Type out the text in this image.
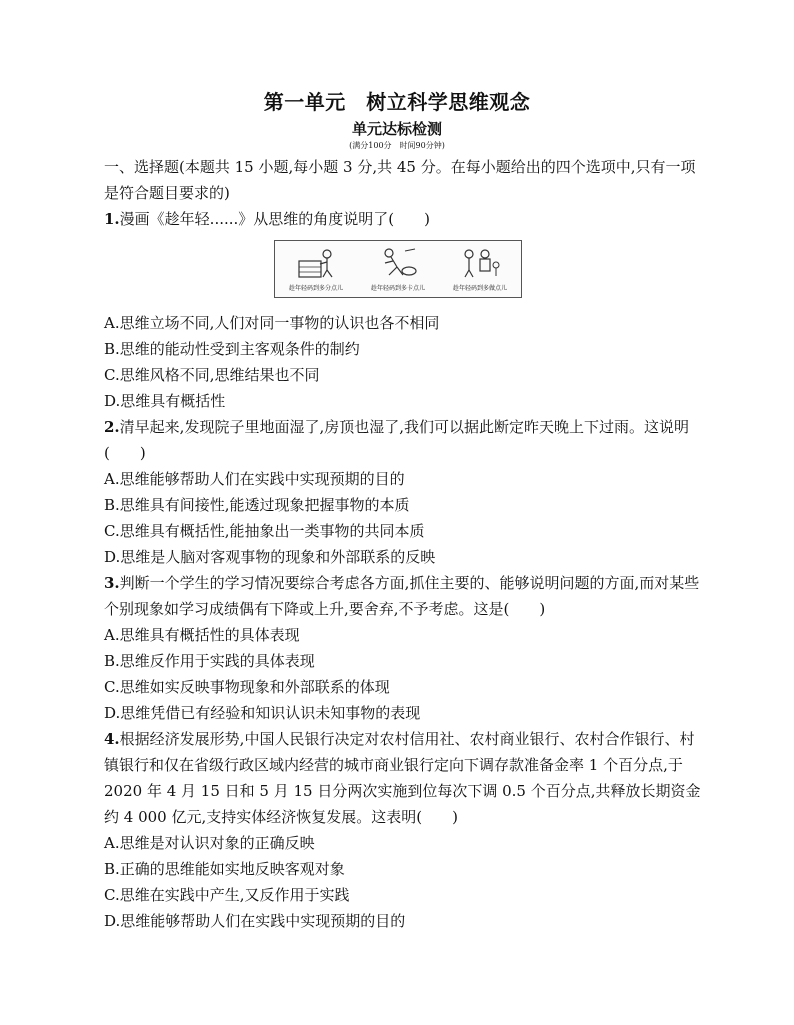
第一单元　树立科学思维观念
单元达标检测
(满分100分　时间90分钟)
一、选择题(本题共 15 小题,每小题 3 分,共 45 分。在每小题给出的四个选项中,只有一项是符合题目要求的)
1.漫画《趁年轻......》从思维的角度说明了(　　)
趁年轻码到多分点儿	趁年轻码到多卡点儿	趁年轻码到多做点儿
A.思维立场不同,人们对同一事物的认识也各不相同
B.思维的能动性受到主客观条件的制约
C.思维风格不同,思维结果也不同
D.思维具有概括性
2.清早起来,发现院子里地面湿了,房顶也湿了,我们可以据此断定昨天晚上下过雨。这说明(　　)
A.思维能够帮助人们在实践中实现预期的目的
B.思维具有间接性,能透过现象把握事物的本质
C.思维具有概括性,能抽象出一类事物的共同本质
D.思维是人脑对客观事物的现象和外部联系的反映
3.判断一个学生的学习情况要综合考虑各方面,抓住主要的、能够说明问题的方面,而对某些个别现象如学习成绩偶有下降或上升,要舍弃,不予考虑。这是(　　)
A.思维具有概括性的具体表现
B.思维反作用于实践的具体表现
C.思维如实反映事物现象和外部联系的体现
D.思维凭借已有经验和知识认识未知事物的表现
4.根据经济发展形势,中国人民银行决定对农村信用社、农村商业银行、农村合作银行、村镇银行和仅在省级行政区域内经营的城市商业银行定向下调存款准备金率 1 个百分点,于 2020 年 4 月 15 日和 5 月 15 日分两次实施到位每次下调 0.5 个百分点,共释放长期资金约 4 000 亿元,支持实体经济恢复发展。这表明(　　)
A.思维是对认识对象的正确反映
B.正确的思维能如实地反映客观对象
C.思维在实践中产生,又反作用于实践
D.思维能够帮助人们在实践中实现预期的目的
